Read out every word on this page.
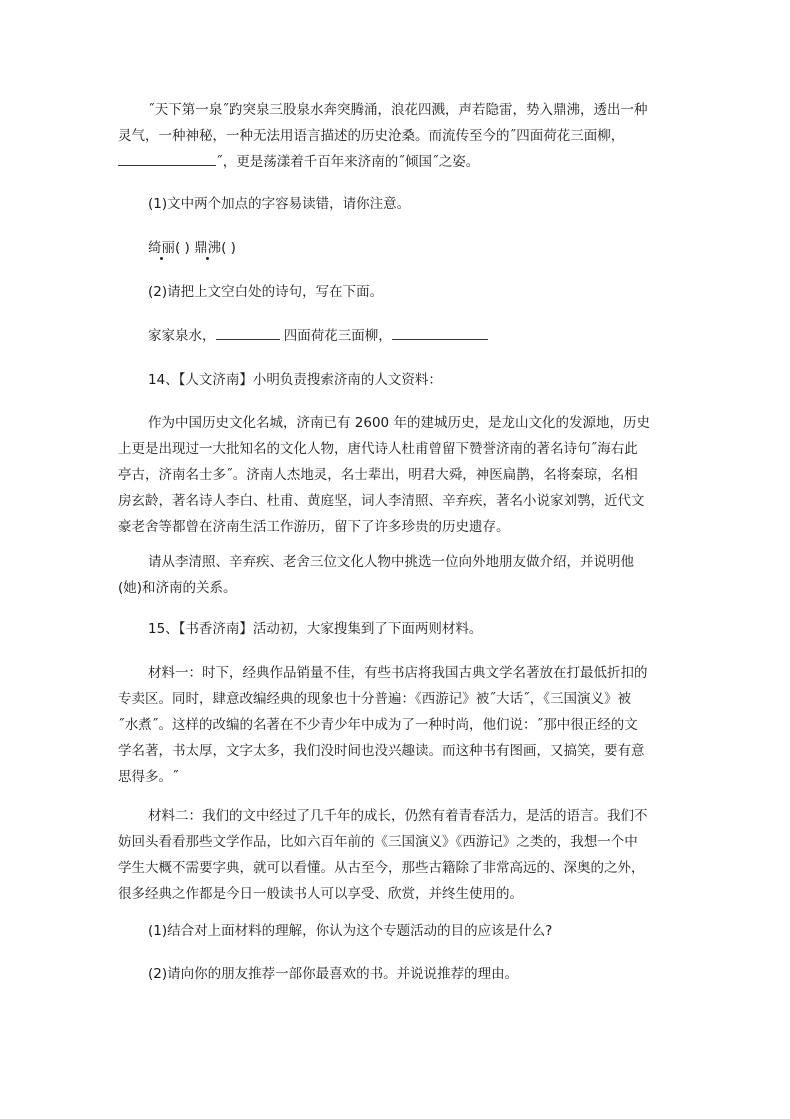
˝天下第一泉˝趵突泉三股泉水奔突腾涌，浪花四溅，声若隐雷，势入鼎沸，透出一种
灵气，一种神秘，一种无法用语言描述的历史沧桑。而流传至今的˝四面荷花三面柳，
˝，更是荡漾着千百年来济南的˝倾国˝之姿。
(1)文中两个加点的字容易读错，请你注意。
绮丽( ) 鼎沸( )
(2)请把上文空白处的诗句，写在下面。
家家泉水，	四面荷花三面柳，
14、【人文济南】小明负责搜索济南的人文资料：
作为中国历史文化名城，济南已有 2600 年的建城历史，是龙山文化的发源地，历史
上更是出现过一大批知名的文化人物，唐代诗人杜甫曾留下赞誉济南的著名诗句˝海右此
亭古，济南名士多˝。济南人杰地灵，名士辈出，明君大舜，神医扁鹊，名将秦琼，名相
房玄龄，著名诗人李白、杜甫、黄庭坚，词人李清照、辛弃疾，著名小说家刘鹗，近代文
豪老舍等都曾在济南生活工作游历，留下了许多珍贵的历史遗存。
请从李清照、辛弃疾、老舍三位文化人物中挑选一位向外地朋友做介绍，并说明他
(她)和济南的关系。
15、【书香济南】活动初，大家搜集到了下面两则材料。
材料一：时下，经典作品销量不佳，有些书店将我国古典文学名著放在打最低折扣的
专卖区。同时，肆意改编经典的现象也十分普遍：《西游记》被˝大话˝，《三国演义》被
˝水煮˝。这样的改编的名著在不少青少年中成为了一种时尚，他们说：˝那中很正经的文
学名著，书太厚，文字太多，我们没时间也没兴趣读。而这种书有图画，又搞笑，要有意
思得多。˝
材料二：我们的文中经过了几千年的成长，仍然有着青春活力，是活的语言。我们不
妨回头看看那些文学作品，比如六百年前的《三国演义》《西游记》之类的，我想一个中
学生大概不需要字典，就可以看懂。从古至今，那些古籍除了非常高远的、深奥的之外，
很多经典之作都是今日一般读书人可以享受、欣赏，并终生使用的。
(1)结合对上面材料的理解，你认为这个专题活动的目的应该是什么?
(2)请向你的朋友推荐一部你最喜欢的书。并说说推荐的理由。
